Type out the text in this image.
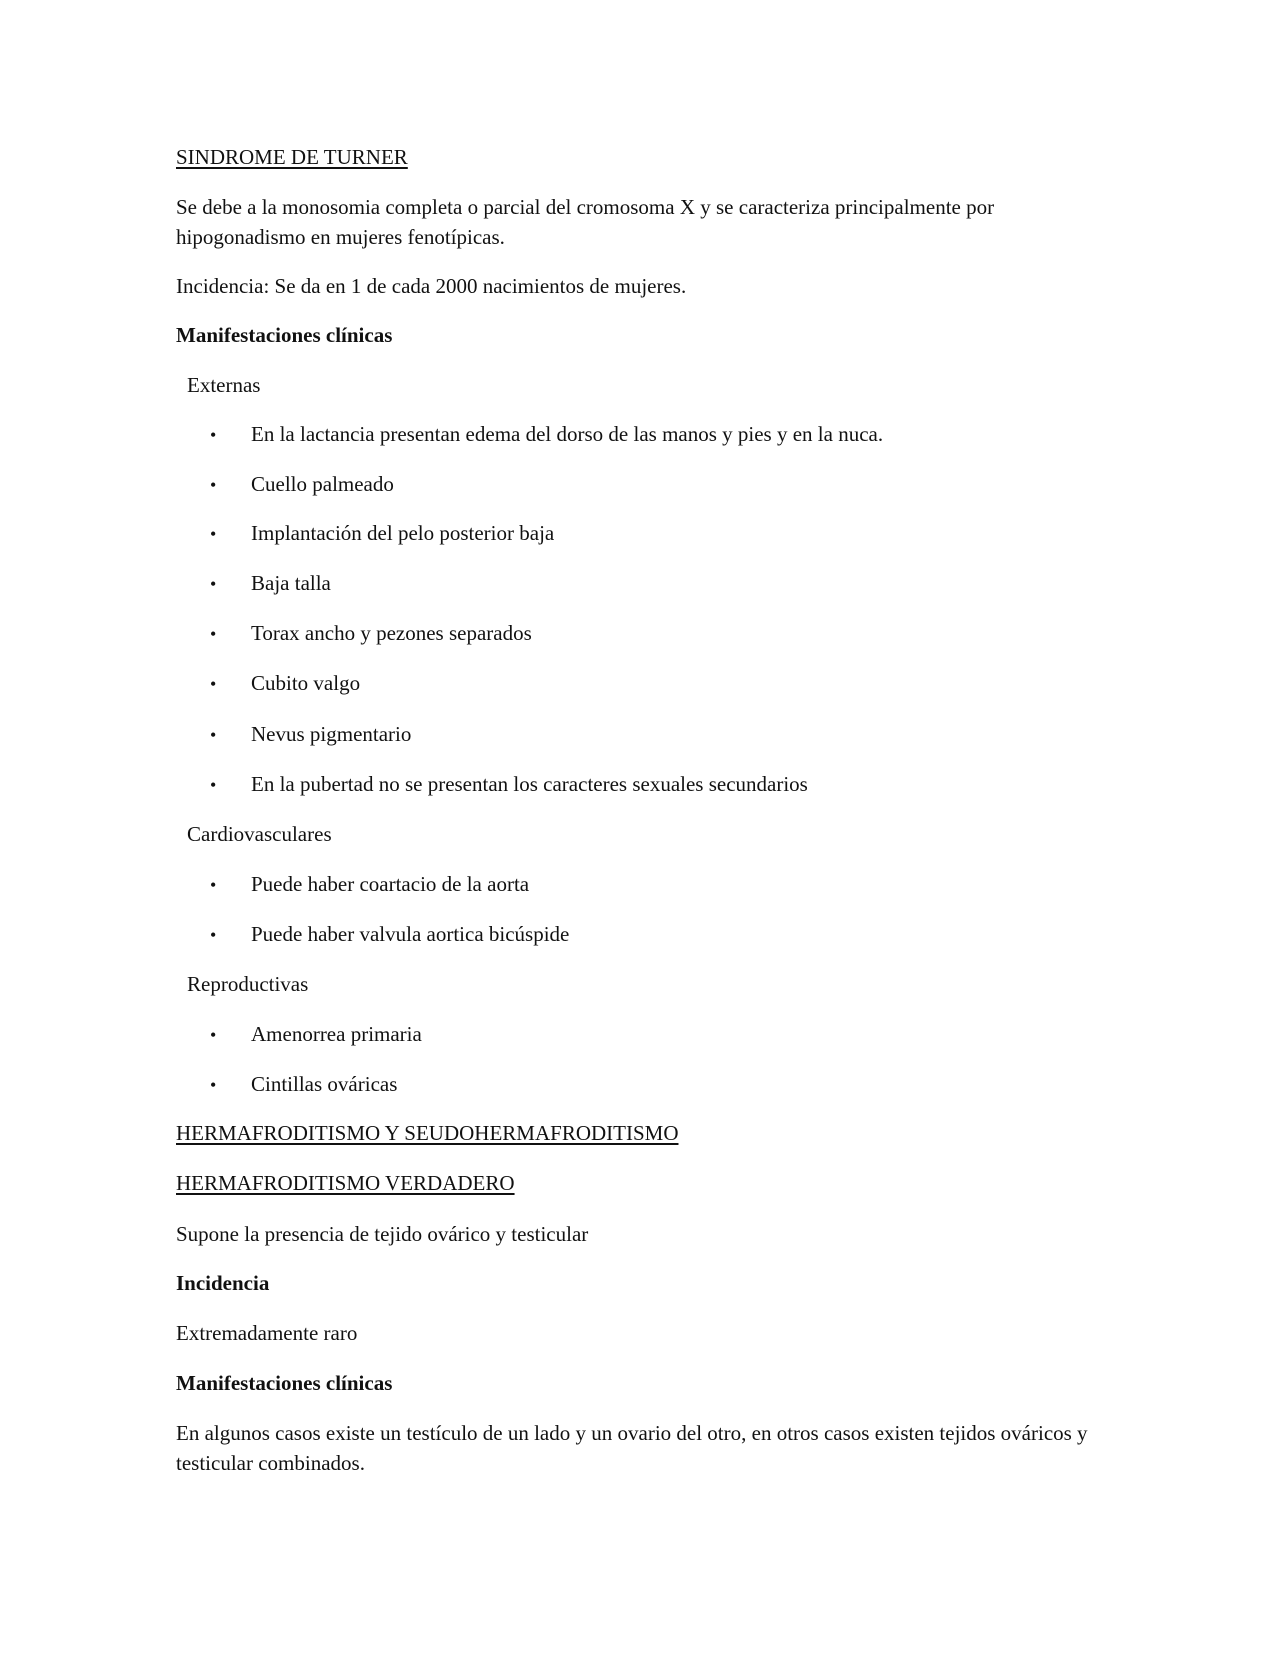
SINDROME DE TURNER
Se debe a la monosomia completa o parcial del cromosoma X y se caracteriza principalmente por hipogonadismo en mujeres fenotípicas.
Incidencia: Se da en 1 de cada 2000 nacimientos de mujeres.
Manifestaciones clínicas
Externas
• En la lactancia presentan edema del dorso de las manos y pies y en la nuca.
• Cuello palmeado
• Implantación del pelo posterior baja
• Baja talla
• Torax ancho y pezones separados
• Cubito valgo
• Nevus pigmentario
• En la pubertad no se presentan los caracteres sexuales secundarios
Cardiovasculares
• Puede haber coartacio de la aorta
• Puede haber valvula aortica bicúspide
Reproductivas
• Amenorrea primaria
• Cintillas ováricas
HERMAFRODITISMO Y SEUDOHERMAFRODITISMO
HERMAFRODITISMO VERDADERO
Supone la presencia de tejido ovárico y testicular
Incidencia
Extremadamente raro
Manifestaciones clínicas
En algunos casos existe un testículo de un lado y un ovario del otro, en otros casos existen tejidos ováricos y testicular combinados.
